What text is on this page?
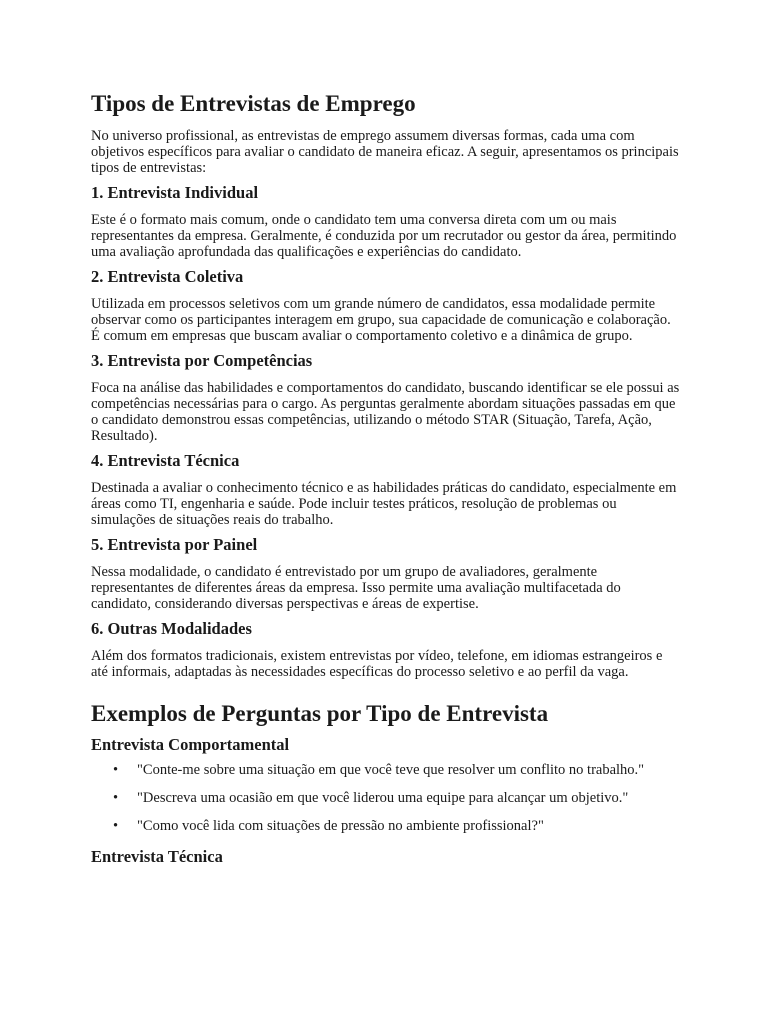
Tipos de Entrevistas de Emprego

No universo profissional, as entrevistas de emprego assumem diversas formas, cada uma com objetivos específicos para avaliar o candidato de maneira eficaz. A seguir, apresentamos os principais tipos de entrevistas:

1. Entrevista Individual

Este é o formato mais comum, onde o candidato tem uma conversa direta com um ou mais representantes da empresa. Geralmente, é conduzida por um recrutador ou gestor da área, permitindo uma avaliação aprofundada das qualificações e experiências do candidato.

2. Entrevista Coletiva

Utilizada em processos seletivos com um grande número de candidatos, essa modalidade permite observar como os participantes interagem em grupo, sua capacidade de comunicação e colaboração. É comum em empresas que buscam avaliar o comportamento coletivo e a dinâmica de grupo.

3. Entrevista por Competências

Foca na análise das habilidades e comportamentos do candidato, buscando identificar se ele possui as competências necessárias para o cargo. As perguntas geralmente abordam situações passadas em que o candidato demonstrou essas competências, utilizando o método STAR (Situação, Tarefa, Ação, Resultado).

4. Entrevista Técnica

Destinada a avaliar o conhecimento técnico e as habilidades práticas do candidato, especialmente em áreas como TI, engenharia e saúde. Pode incluir testes práticos, resolução de problemas ou simulações de situações reais do trabalho.

5. Entrevista por Painel

Nessa modalidade, o candidato é entrevistado por um grupo de avaliadores, geralmente representantes de diferentes áreas da empresa. Isso permite uma avaliação multifacetada do candidato, considerando diversas perspectivas e áreas de expertise.

6. Outras Modalidades

Além dos formatos tradicionais, existem entrevistas por vídeo, telefone, em idiomas estrangeiros e até informais, adaptadas às necessidades específicas do processo seletivo e ao perfil da vaga.

Exemplos de Perguntas por Tipo de Entrevista
Entrevista Comportamental
• "Conte-me sobre uma situação em que você teve que resolver um conflito no trabalho."
• "Descreva uma ocasião em que você liderou uma equipe para alcançar um objetivo."
• "Como você lida com situações de pressão no ambiente profissional?"
Entrevista Técnica
